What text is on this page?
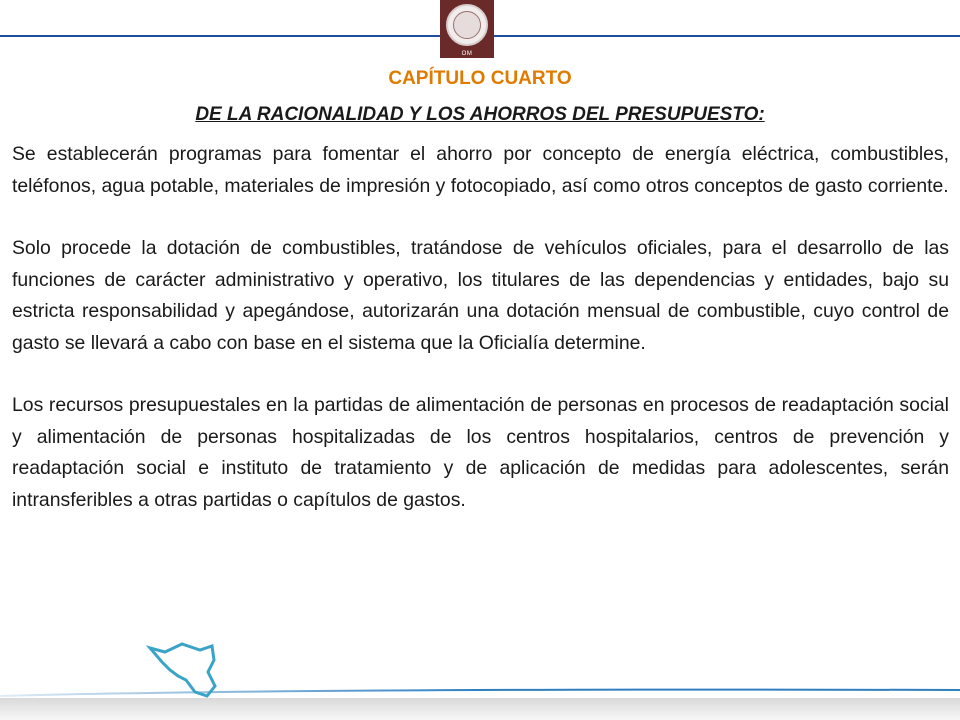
OM
CAPÍTULO CUARTO
DE LA RACIONALIDAD Y LOS AHORROS DEL PRESUPUESTO:

Se establecerán programas para fomentar el ahorro por concepto de energía eléctrica, combustibles, teléfonos, agua potable, materiales de impresión y fotocopiado, así como otros conceptos de gasto corriente.

Solo procede la dotación de combustibles, tratándose de vehículos oficiales, para el desarrollo de las funciones de carácter administrativo y operativo, los titulares de las dependencias y entidades, bajo su estricta responsabilidad y apegándose, autorizarán una dotación mensual de combustible, cuyo control de gasto se llevará a cabo con base en el sistema que la Oficialía determine.

Los recursos presupuestales en la partidas de alimentación de personas en procesos de readaptación social y alimentación de personas hospitalizadas de los centros hospitalarios, centros de prevención y readaptación social e instituto de tratamiento y de aplicación de medidas para adolescentes, serán intransferibles a otras partidas o capítulos de gastos.
